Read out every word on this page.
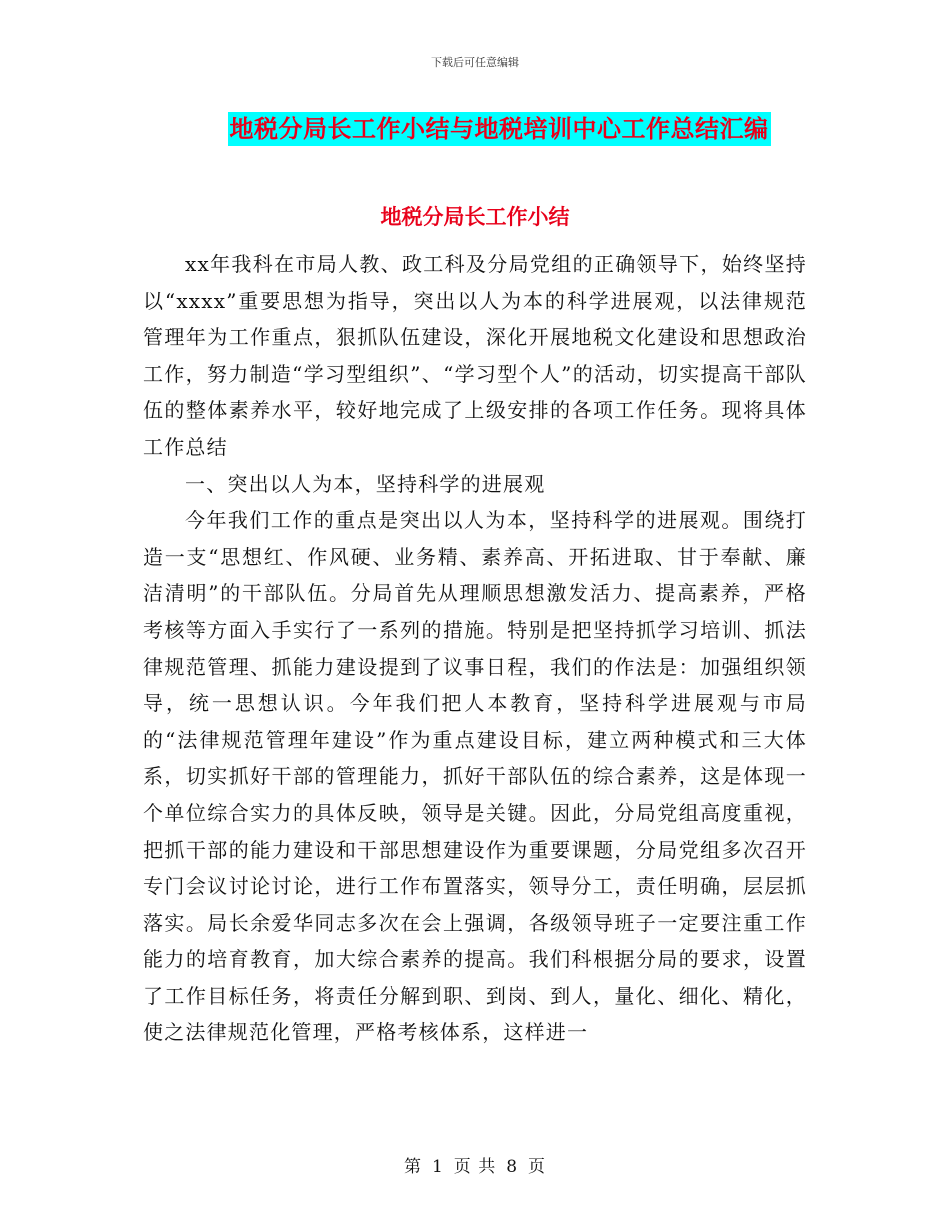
下载后可任意编辑
地税分局长工作小结与地税培训中心工作总结汇编
地税分局长工作小结

xx年我科在市局人教、政工科及分局党组的正确领导下，始终坚持以“xxxx”重要思想为指导，突出以人为本的科学进展观，以法律规范管理年为工作重点，狠抓队伍建设，深化开展地税文化建设和思想政治工作，努力制造“学习型组织”、“学习型个人”的活动，切实提高干部队伍的整体素养水平，较好地完成了上级安排的各项工作任务。现将具体工作总结

一、突出以人为本，坚持科学的进展观

今年我们工作的重点是突出以人为本，坚持科学的进展观。围绕打造一支“思想红、作风硬、业务精、素养高、开拓进取、甘于奉献、廉洁清明”的干部队伍。分局首先从理顺思想激发活力、提高素养，严格考核等方面入手实行了一系列的措施。特别是把坚持抓学习培训、抓法律规范管理、抓能力建设提到了议事日程，我们的作法是：加强组织领导，统一思想认识。今年我们把人本教育，坚持科学进展观与市局的“法律规范管理年建设”作为重点建设目标，建立两种模式和三大体系，切实抓好干部的管理能力，抓好干部队伍的综合素养，这是体现一个单位综合实力的具体反映，领导是关键。因此，分局党组高度重视，把抓干部的能力建设和干部思想建设作为重要课题，分局党组多次召开专门会议讨论讨论，进行工作布置落实，领导分工，责任明确，层层抓落实。局长余爱华同志多次在会上强调，各级领导班子一定要注重工作能力的培育教育，加大综合素养的提高。我们科根据分局的要求，设置了工作目标任务，将责任分解到职、到岗、到人，量化、细化、精化，使之法律规范化管理，严格考核体系，这样进一

第 1 页 共 8 页
